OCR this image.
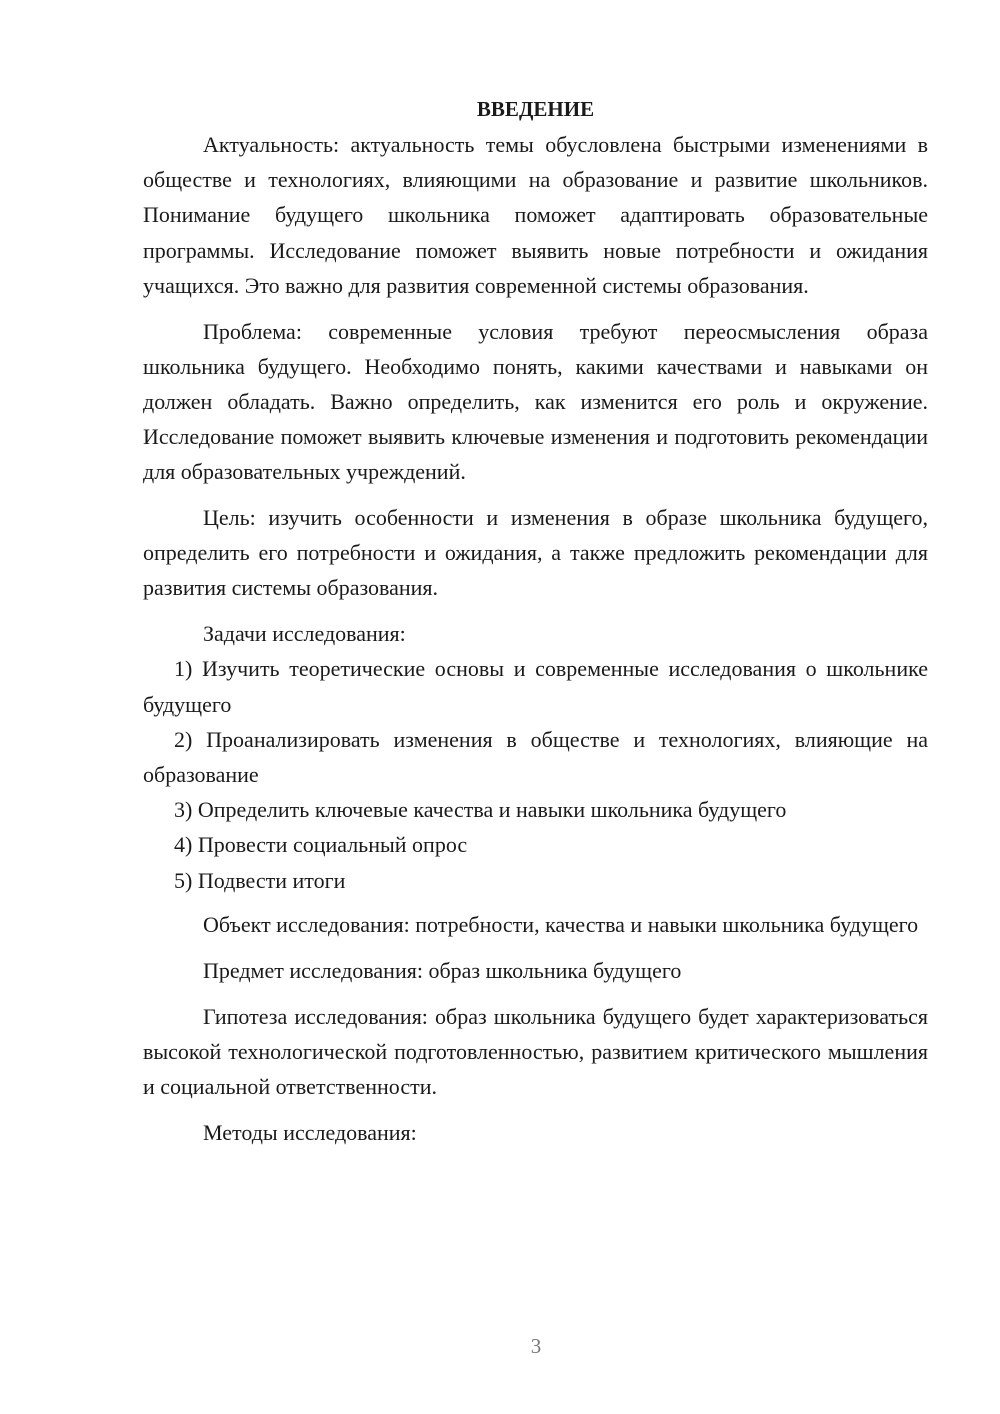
ВВЕДЕНИЕ

Актуальность: актуальность темы обусловлена быстрыми изменениями в обществе и технологиях, влияющими на образование и развитие школьников. Понимание будущего школьника поможет адаптировать образовательные программы. Исследование поможет выявить новые потребности и ожидания учащихся. Это важно для развития современной системы образования.

Проблема: современные условия требуют переосмысления образа школьника будущего. Необходимо понять, какими качествами и навыками он должен обладать. Важно определить, как изменится его роль и окружение. Исследование поможет выявить ключевые изменения и подготовить рекомендации для образовательных учреждений.

Цель: изучить особенности и изменения в образе школьника будущего, определить его потребности и ожидания, а также предложить рекомендации для развития системы образования.

Задачи исследования:

1) Изучить теоретические основы и современные исследования о школьнике будущего

2) Проанализировать изменения в обществе и технологиях, влияющие на образование

3) Определить ключевые качества и навыки школьника будущего

4) Провести социальный опрос

5) Подвести итоги

Объект исследования: потребности, качества и навыки школьника будущего

Предмет исследования: образ школьника будущего

Гипотеза исследования: образ школьника будущего будет характеризоваться высокой технологической подготовленностью, развитием критического мышления и социальной ответственности.

Методы исследования:

3
